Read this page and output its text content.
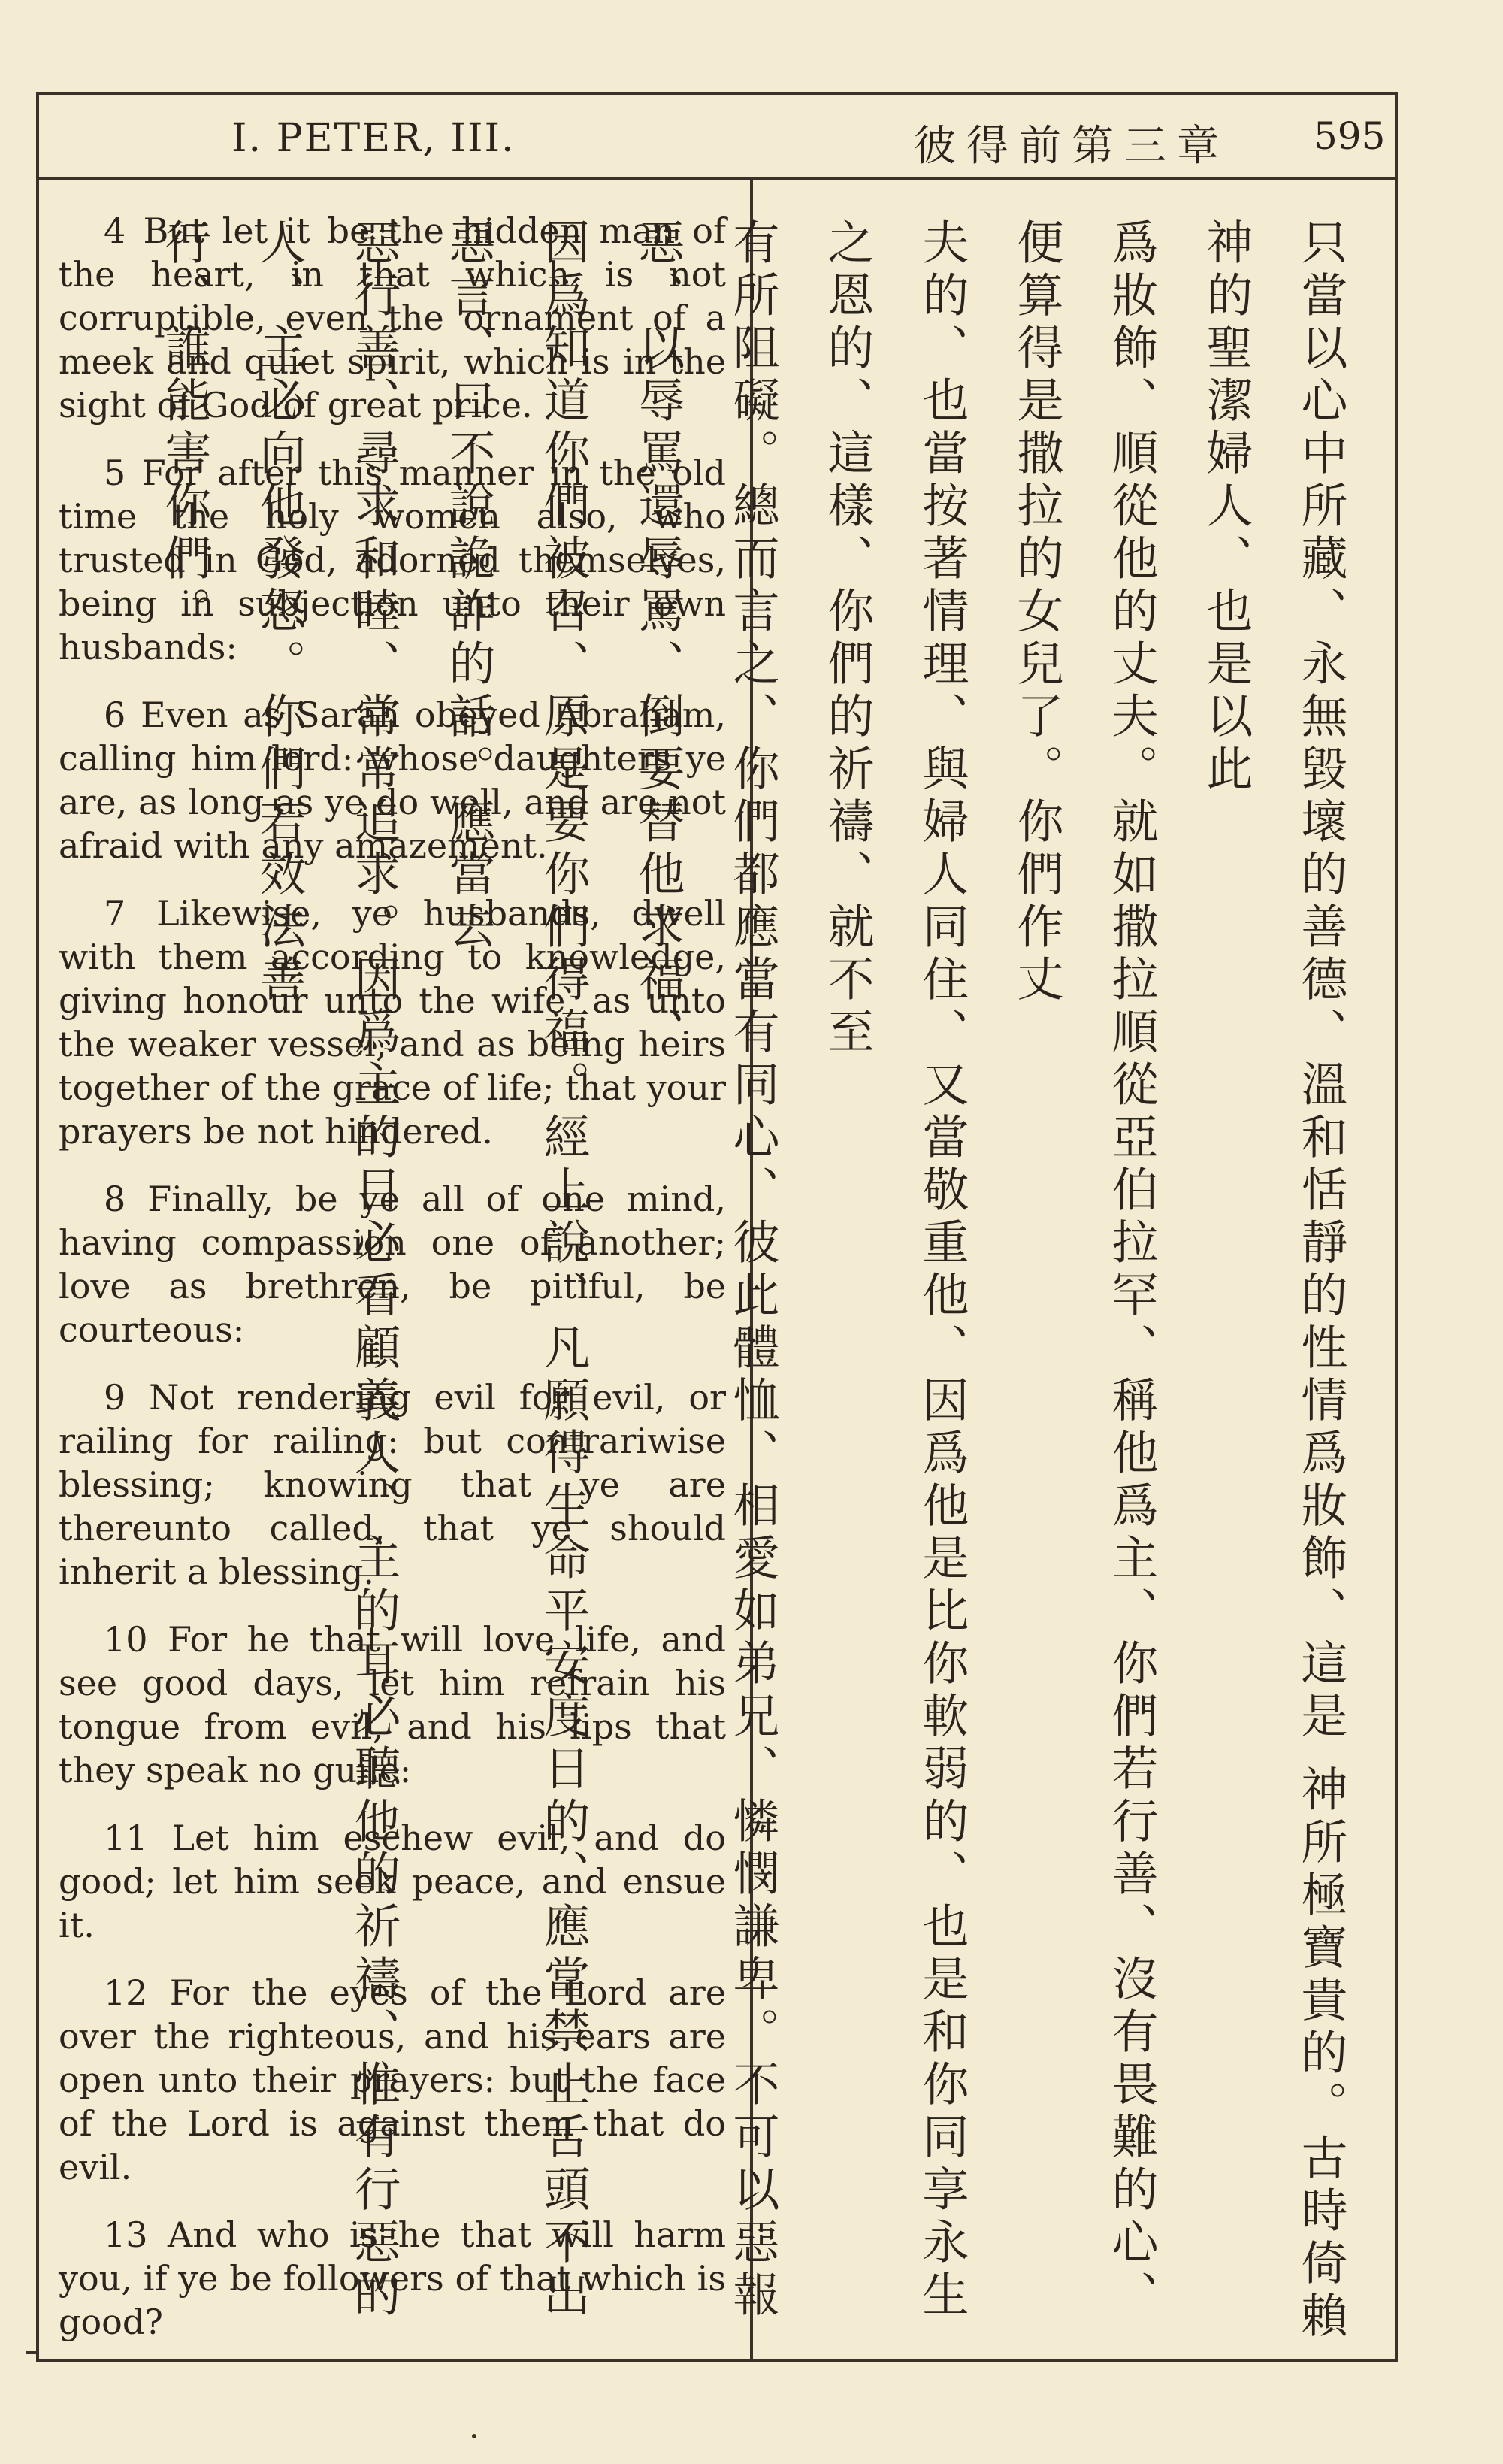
I. PETER, III.	彼得前第三章 595

4 But let it be the hidden man of the heart, in that which is not corruptible, even the ornament of a meek and quiet spirit, which is in the sight of God of great price.

5 For after this manner in the old time the holy women also, who trusted in God, adorned themselves, being in subjection unto their own husbands:

6 Even as Sarah obeyed Abraham, calling him lord: whose daughters ye are, as long as ye do well, and are not afraid with any amazement.

7 Likewise, ye husbands, dwell with them according to knowledge, giving honour unto the wife, as unto the weaker vessel, and as being heirs together of the grace of life; that your prayers be not hindered.

8 Finally, be ye all of one mind, having compassion one of another; love as brethren, be pitiful, be courteous:

9 Not rendering evil for evil, or railing for railing: but contrariwise blessing; knowing that ye are thereunto called, that ye should inherit a blessing.

10 For he that will love life, and see good days, let him refrain his tongue from evil, and his lips that they speak no guile:

11 Let him eschew evil, and do good; let him seek peace, and ensue it.

12 For the eyes of the Lord are over the righteous, and his ears are open unto their prayers: but the face of the Lord is against them that do evil.

13 And who is he that will harm you, if ye be followers of that which is good?	只當以心中所藏、永無毀壞的善德、溫和恬靜的性情爲妝飾、這是 神所極寶貴的。古時倚賴 神的聖潔婦人、也是以此
爲妝飾、順從他的丈夫。就如撒拉順從亞伯拉罕、稱他爲主、你們若行善、沒有畏難的心、便算得是撒拉的女兒了。你們作丈
夫的、也當按著情理、與婦人同住、又當敬重他、因爲他是比你軟弱的、也是和你同享永生之恩的、這樣、你們的祈禱、就不至
有所阻礙。總而言之、你們都應當有同心、彼此體恤、相愛如弟兄、憐憫謙卑。不可以惡報惡、以辱罵還辱罵、倒要替他求福、
因爲知道你們被召、原是要你們得福。經上說、凡願得生命平安度日的、應當禁止舌頭不出惡言、口不說詭詐的話。應當去
惡行善、尋求和睦、常常追求。因爲主的目必看顧義人、主的耳必聽他的祈禱、惟有行惡的人、主必向他發怒。你們若效法善
行、誰能害你們。
